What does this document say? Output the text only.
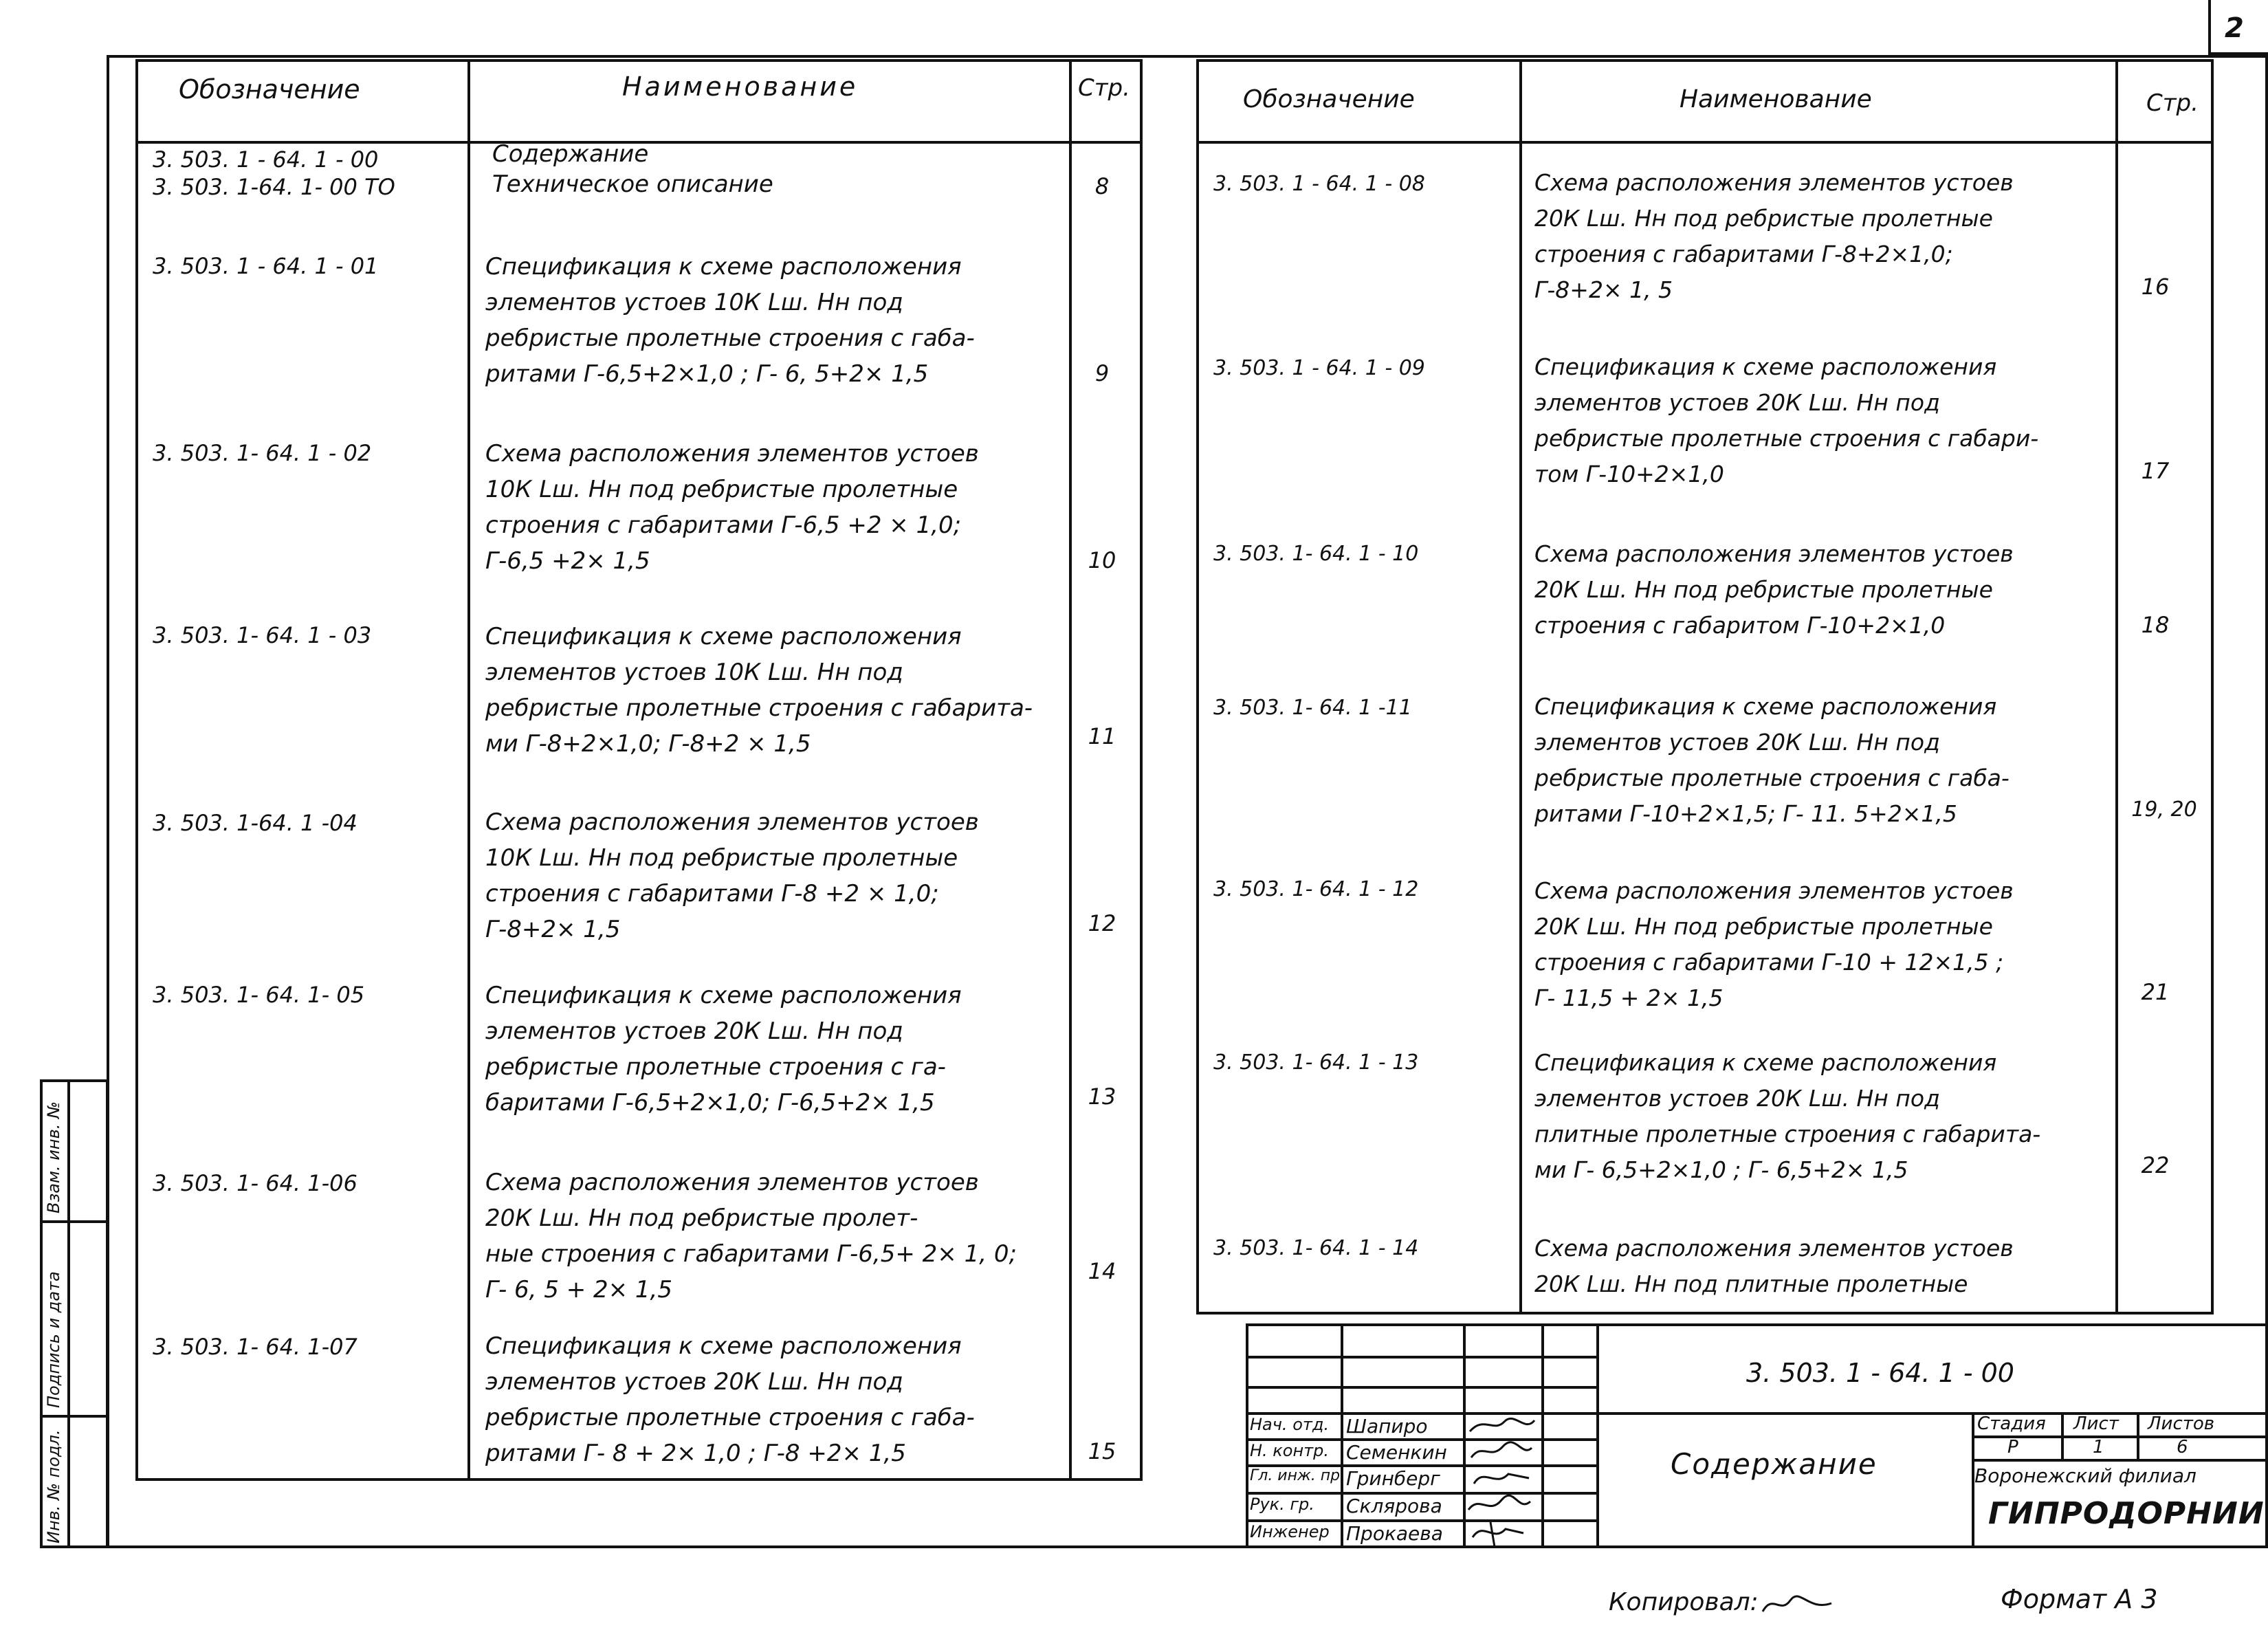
2
Взам. инв. №
Подпись и дата
Инв. № подл.
Обозначение	Наименование	Стр.
3. 503. 1 - 64. 1 - 00
3. 503. 1-64. 1- 00 ТО
Содержание
Техническое описание	8
3. 503. 1 - 64. 1 - 01	Спецификация к схеме расположения
элементов устоев 10К Lш. Нн под
ребристые пролетные строения с габа-
ритами Г-6,5+2×1,0 ; Г- 6, 5+2× 1,5	9
3. 503. 1- 64. 1 - 02	Схема расположения элементов устоев
10К Lш. Нн под ребристые пролетные
строения с габаритами Г-6,5 +2 × 1,0;
Г-6,5 +2× 1,5	10
3. 503. 1- 64. 1 - 03	Спецификация к схеме расположения
элементов устоев 10К Lш. Нн под
ребристые пролетные строения с габарита-
ми Г-8+2×1,0; Г-8+2 × 1,5	11
3. 503. 1-64. 1 -04	Схема расположения элементов устоев
10К Lш. Нн под ребристые пролетные
строения с габаритами Г-8 +2 × 1,0;
Г-8+2× 1,5	12
3. 503. 1- 64. 1- 05	Спецификация к схеме расположения
элементов устоев 20К Lш. Нн под
ребристые пролетные строения с га-
баритами Г-6,5+2×1,0; Г-6,5+2× 1,5	13
3. 503. 1- 64. 1-06	Схема расположения элементов устоев
20К Lш. Нн под ребристые пролет-
ные строения с габаритами Г-6,5+ 2× 1, 0;
Г- 6, 5 + 2× 1,5
14
3. 503. 1- 64. 1-07	Спецификация к схеме расположения
элементов устоев 20К Lш. Нн под
ребристые пролетные строения с габа-
ритами Г- 8 + 2× 1,0 ; Г-8 +2× 1,5	15
Обозначение	Наименование	Стр.
3. 503. 1 - 64. 1 - 08	Схема расположения элементов устоев
20К Lш. Нн под ребристые пролетные
строения с габаритами Г-8+2×1,0;
Г-8+2× 1, 5	16
3. 503. 1 - 64. 1 - 09	Спецификация к схеме расположения
элементов устоев 20К Lш. Нн под
ребристые пролетные строения с габари-
том Г-10+2×1,0	17
3. 503. 1- 64. 1 - 10	Схема расположения элементов устоев
20К Lш. Нн под ребристые пролетные
строения с габаритом Г-10+2×1,0	18
3. 503. 1- 64. 1 -11	Спецификация к схеме расположения
элементов устоев 20К Lш. Нн под
ребристые пролетные строения с габа-
ритами Г-10+2×1,5; Г- 11. 5+2×1,5	19, 20
3. 503. 1- 64. 1 - 12	Схема расположения элементов устоев
20К Lш. Нн под ребристые пролетные
строения с габаритами Г-10 + 12×1,5 ;
Г- 11,5 + 2× 1,5	21
3. 503. 1- 64. 1 - 13	Спецификация к схеме расположения
элементов устоев 20К Lш. Нн под
плитные пролетные строения с габарита-
ми Г- 6,5+2×1,0 ; Г- 6,5+2× 1,5	22
3. 503. 1- 64. 1 - 14	Схема расположения элементов устоев
20К Lш. Нн под плитные пролетные
3. 503. 1 - 64. 1 - 00
Содержание
Стадия Лист Листов
Р	1	6
Воронежский филиал
ГИПРОДОРНИИ
Нач. отд. Шапиро
Н. контр. Семенкин
Гл. инж. пр. Гринберг
Рук. гр. Склярова
Инженер Прокаева
Копировал:	Формат А 3
